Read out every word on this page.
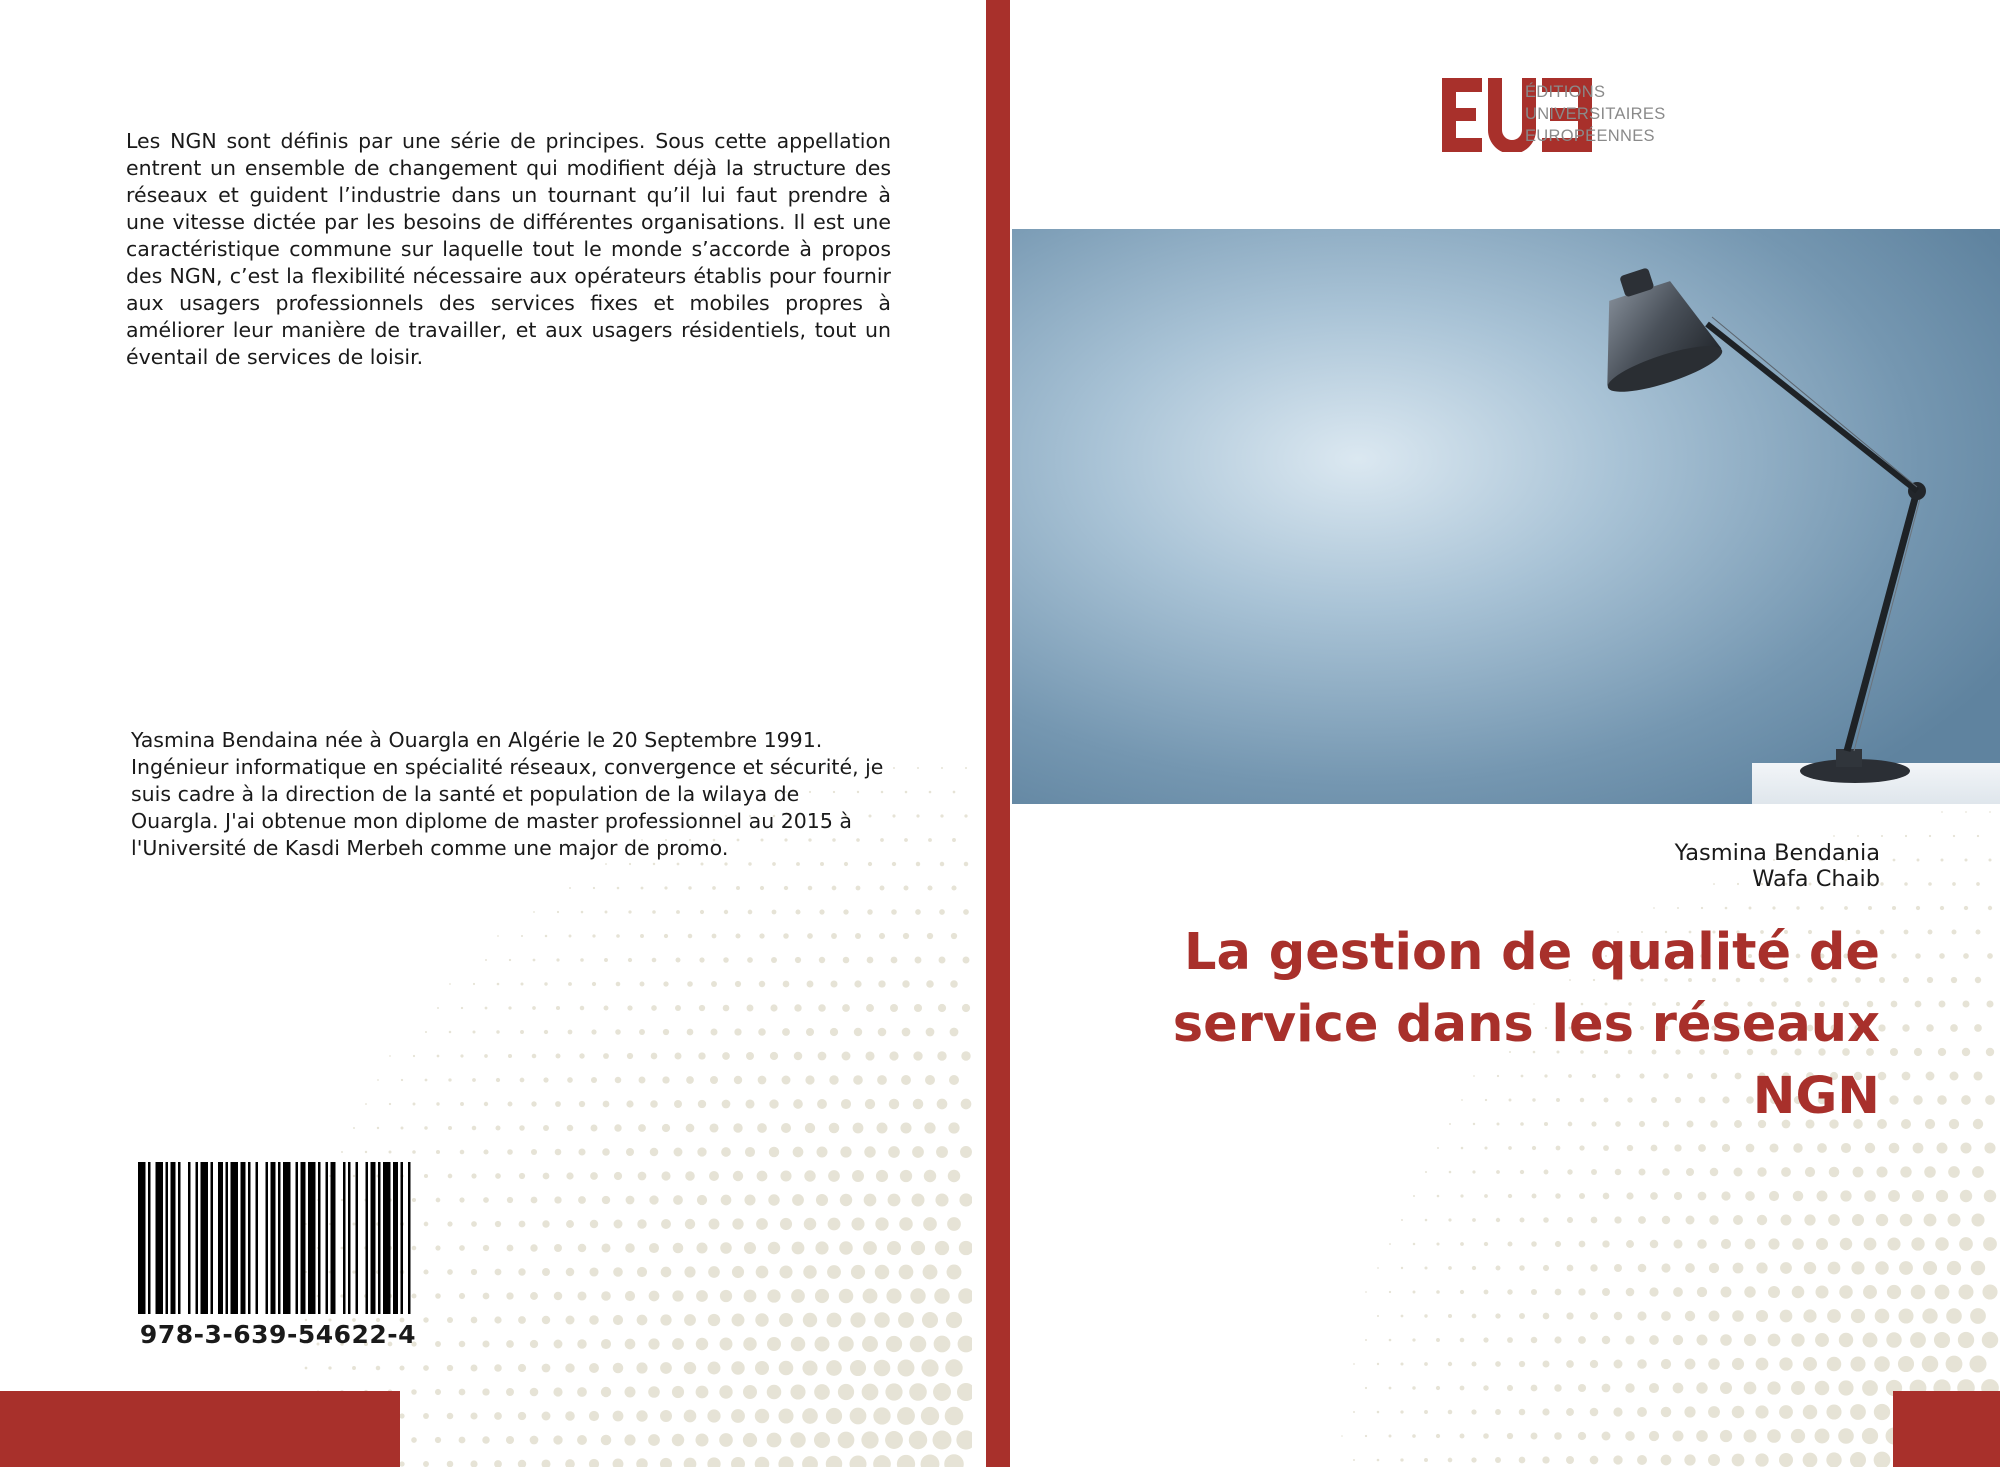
Les NGN sont définis par une série de principes. Sous cette appellation entrent un ensemble de changement qui modifient déjà la structure des réseaux et guident l’industrie dans un tournant qu’il lui faut prendre à une vitesse dictée par les besoins de différentes organisations. Il est une caractéristique commune sur laquelle tout le monde s’accorde à propos des NGN, c’est la flexibilité nécessaire aux opérateurs établis pour fournir aux usagers professionnels des services fixes et mobiles propres à améliorer leur manière de travailler, et aux usagers résidentiels, tout un éventail de services de loisir.
Yasmina Bendaina née à Ouargla en Algérie le 20 Septembre 1991. Ingénieur informatique en spécialité réseaux, convergence et sécurité, je suis cadre à la direction de la santé et population de la wilaya de Ouargla. J'ai obtenue mon diplome de master professionnel au 2015 à l'Université de Kasdi Merbeh comme une major de promo.
978-3-639-54622-4
ÉDITIONS
UNIVERSITAIRES
EUROPÉENNES
Yasmina Bendania
Wafa Chaib
La gestion de qualité de
service dans les réseaux
NGN
